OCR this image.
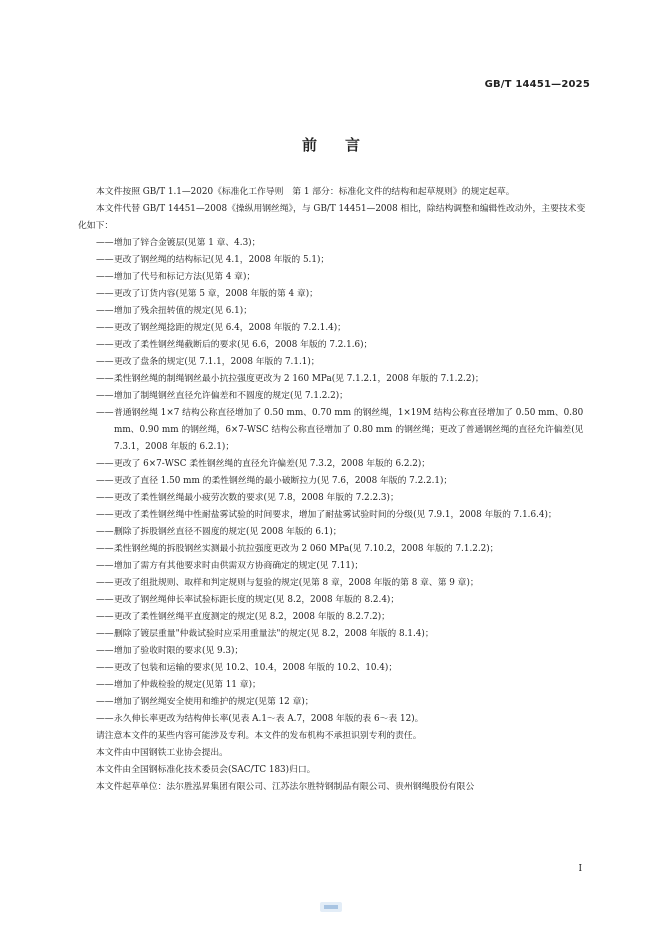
GB/T 14451—2025
前言

本文件按照 GB/T 1.1—2020《标准化工作导则　第 1 部分：标准化文件的结构和起草规则》的规定起草。

本文件代替 GB/T 14451—2008《操纵用钢丝绳》，与 GB/T 14451—2008 相比，除结构调整和编辑性改动外，主要技术变化如下：

——增加了锌合金镀层(见第 1 章、4.3)；
——更改了钢丝绳的结构标记(见 4.1，2008 年版的 5.1)；
——增加了代号和标记方法(见第 4 章)；
——更改了订货内容(见第 5 章，2008 年版的第 4 章)；
——增加了残余扭转值的规定(见 6.1)；
——更改了钢丝绳捻距的规定(见 6.4，2008 年版的 7.2.1.4)；
——更改了柔性钢丝绳截断后的要求(见 6.6，2008 年版的 7.2.1.6)；
——更改了盘条的规定(见 7.1.1，2008 年版的 7.1.1)；
——柔性钢丝绳的制绳钢丝最小抗拉强度更改为 2 160 MPa(见 7.1.2.1，2008 年版的 7.1.2.2)；
——增加了制绳钢丝直径允许偏差和不圆度的规定(见 7.1.2.2)；
——普通钢丝绳 1×7 结构公称直径增加了 0.50 mm、0.70 mm 的钢丝绳，1×19M 结构公称直径增加了 0.50 mm、0.80 mm、0.90 mm 的钢丝绳，6×7-WSC 结构公称直径增加了 0.80 mm 的钢丝绳；更改了普通钢丝绳的直径允许偏差(见 7.3.1，2008 年版的 6.2.1)；
——更改了 6×7-WSC 柔性钢丝绳的直径允许偏差(见 7.3.2，2008 年版的 6.2.2)；
——更改了直径 1.50 mm 的柔性钢丝绳的最小破断拉力(见 7.6，2008 年版的 7.2.2.1)；
——更改了柔性钢丝绳最小疲劳次数的要求(见 7.8，2008 年版的 7.2.2.3)；
——更改了柔性钢丝绳中性耐盐雾试验的时间要求，增加了耐盐雾试验时间的分级(见 7.9.1，2008 年版的 7.1.6.4)；
——删除了拆股钢丝直径不圆度的规定(见 2008 年版的 6.1)；
——柔性钢丝绳的拆股钢丝实测最小抗拉强度更改为 2 060 MPa(见 7.10.2，2008 年版的 7.1.2.2)；
——增加了需方有其他要求时由供需双方协商确定的规定(见 7.11)；
——更改了组批规则、取样和判定规则与复验的规定(见第 8 章，2008 年版的第 8 章、第 9 章)；
——更改了钢丝绳伸长率试验标距长度的规定(见 8.2，2008 年版的 8.2.4)；
——更改了柔性钢丝绳平直度测定的规定(见 8.2，2008 年版的 8.2.7.2)；
——删除了镀层重量"仲裁试验时应采用重量法"的规定(见 8.2，2008 年版的 8.1.4)；
——增加了验收时限的要求(见 9.3)；
——更改了包装和运输的要求(见 10.2、10.4，2008 年版的 10.2、10.4)；
——增加了仲裁检验的规定(见第 11 章)；
——增加了钢丝绳安全使用和维护的规定(见第 12 章)；
——永久伸长率更改为结构伸长率(见表 A.1～表 A.7，2008 年版的表 6～表 12)。

请注意本文件的某些内容可能涉及专利。本文件的发布机构不承担识别专利的责任。

本文件由中国钢铁工业协会提出。

本文件由全国钢标准化技术委员会(SAC/TC 183)归口。

本文件起草单位：法尔胜泓昇集团有限公司、江苏法尔胜特钢制品有限公司、贵州钢绳股份有限公

I
